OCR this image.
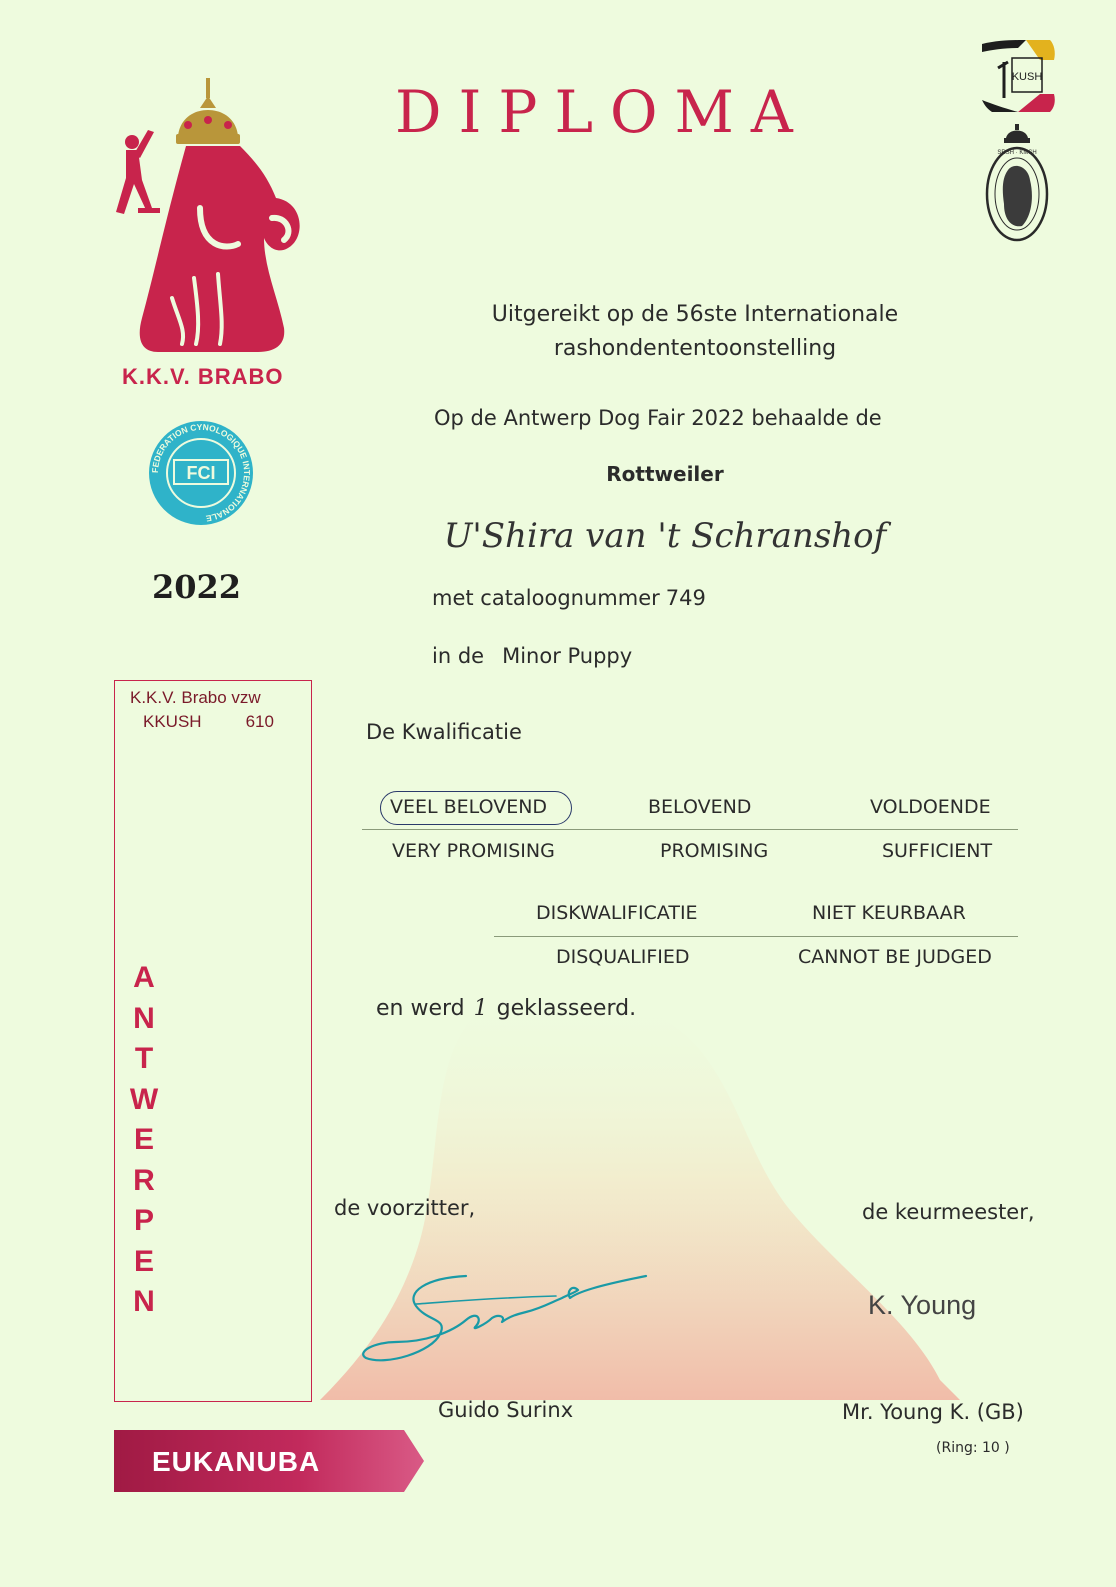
DIPLOMA
K.K.V. BRABO
FCI
FEDERATION CYNOLOGIQUE INTERNATIONALE
2022
KUSH
SRSH · KMSH
K.K.V. Brabo vzw
KKUSH	610
A
N
T
W
E
R
P
E
N
EUKANUBA
Uitgereikt op de 56ste Internationale
rashondententoonstelling
Op de Antwerp Dog Fair 2022 behaalde de
Rottweiler
U'Shira van 't Schranshof
met cataloognummer 749
in de Minor Puppy
De Kwalificatie
VEEL BELOVEND	BELOVEND	VOLDOENDE
VERY PROMISING	PROMISING	SUFFICIENT
DISKWALIFICATIE	NIET KEURBAAR
DISQUALIFIED	CANNOT BE JUDGED
en werd 1 geklasseerd.
de voorzitter,	de keurmeester,
K. Young
Guido Surinx	Mr. Young K. (GB)
(Ring: 10 )
